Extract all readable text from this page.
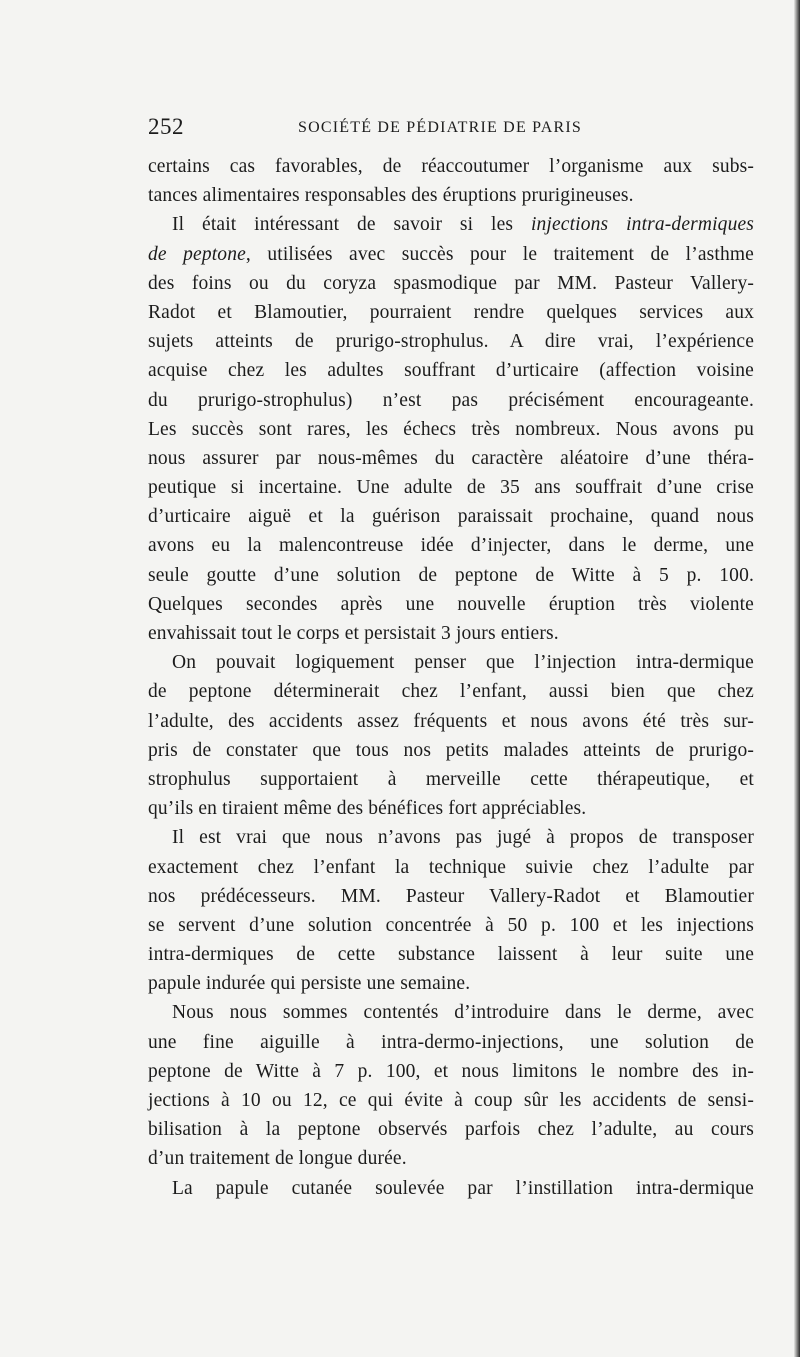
252	SOCIÉTÉ DE PÉDIATRIE DE PARIS
certains cas favorables, de réaccoutumer l’organisme aux subs-
tances alimentaires responsables des éruptions prurigineuses.
Il était intéressant de savoir si les injections intra-dermiques
de peptone, utilisées avec succès pour le traitement de l’asthme
des foins ou du coryza spasmodique par MM. Pasteur Vallery-
Radot et Blamoutier, pourraient rendre quelques services aux
sujets atteints de prurigo-strophulus. A dire vrai, l’expérience
acquise chez les adultes souffrant d’urticaire (affection voisine
du prurigo-strophulus) n’est pas précisément encourageante.
Les succès sont rares, les échecs très nombreux. Nous avons pu
nous assurer par nous-mêmes du caractère aléatoire d’une théra-
peutique si incertaine. Une adulte de 35 ans souffrait d’une crise
d’urticaire aiguë et la guérison paraissait prochaine, quand nous
avons eu la malencontreuse idée d’injecter, dans le derme, une
seule goutte d’une solution de peptone de Witte à 5 p. 100.
Quelques secondes après une nouvelle éruption très violente
envahissait tout le corps et persistait 3 jours entiers.
On pouvait logiquement penser que l’injection intra-dermique
de peptone déterminerait chez l’enfant, aussi bien que chez
l’adulte, des accidents assez fréquents et nous avons été très sur-
pris de constater que tous nos petits malades atteints de prurigo-
strophulus supportaient à merveille cette thérapeutique, et
qu’ils en tiraient même des bénéfices fort appréciables.
Il est vrai que nous n’avons pas jugé à propos de transposer
exactement chez l’enfant la technique suivie chez l’adulte par
nos prédécesseurs. MM. Pasteur Vallery-Radot et Blamoutier
se servent d’une solution concentrée à 50 p. 100 et les injections
intra-dermiques de cette substance laissent à leur suite une
papule indurée qui persiste une semaine.
Nous nous sommes contentés d’introduire dans le derme, avec
une fine aiguille à intra-dermo-injections, une solution de
peptone de Witte à 7 p. 100, et nous limitons le nombre des in-
jections à 10 ou 12, ce qui évite à coup sûr les accidents de sensi-
bilisation à la peptone observés parfois chez l’adulte, au cours
d’un traitement de longue durée.
La papule cutanée soulevée par l’instillation intra-dermique
